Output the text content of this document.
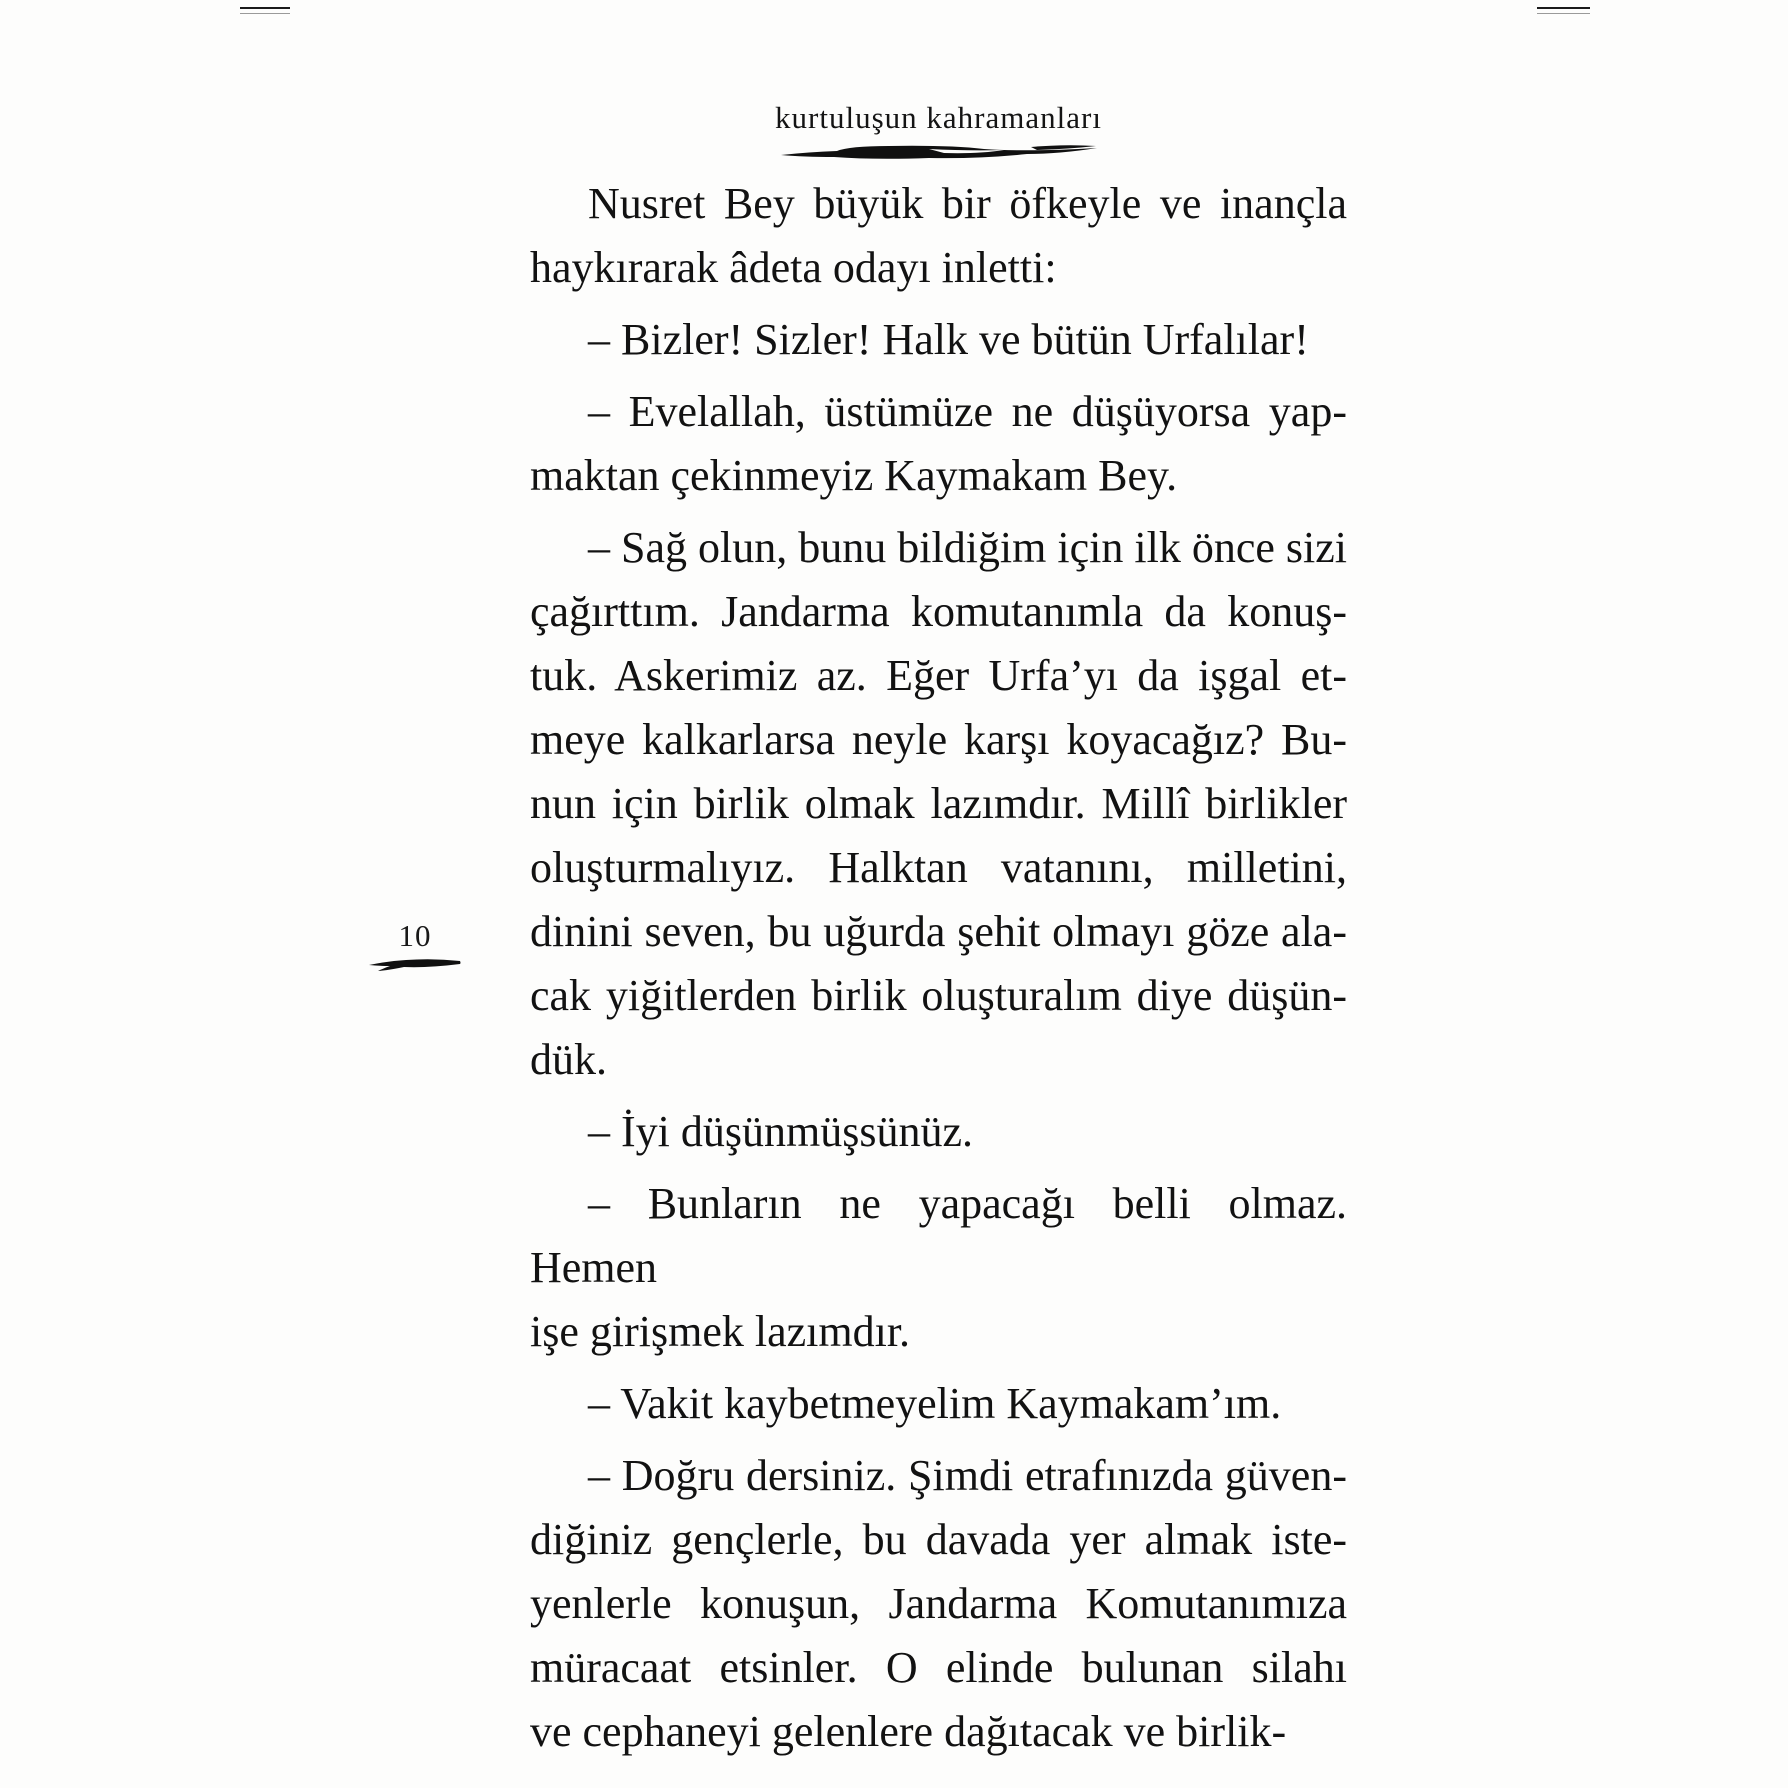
kurtuluşun kahramanları
10
Nusret Bey büyük bir öfkeyle ve inançla
haykırarak âdeta odayı inletti:
– Bizler! Sizler! Halk ve bütün Urfalılar!
– Evelallah, üstümüze ne düşüyorsa yap-
maktan çekinmeyiz Kaymakam Bey.
– Sağ olun, bunu bildiğim için ilk önce sizi
çağırttım. Jandarma komutanımla da konuş-
tuk. Askerimiz az. Eğer Urfa’yı da işgal et-
meye kalkarlarsa neyle karşı koyacağız? Bu-
nun için birlik olmak lazımdır. Millî birlikler
oluşturmalıyız. Halktan vatanını, milletini,
dinini seven, bu uğurda şehit olmayı göze ala-
cak yiğitlerden birlik oluşturalım diye düşün-
dük.
– İyi düşünmüşsünüz.
– Bunların ne yapacağı belli olmaz. Hemen
işe girişmek lazımdır.
– Vakit kaybetmeyelim Kaymakam’ım.
– Doğru dersiniz. Şimdi etrafınızda güven-
diğiniz gençlerle, bu davada yer almak iste-
yenlerle konuşun, Jandarma Komutanımıza
müracaat etsinler. O elinde bulunan silahı
ve cephaneyi gelenlere dağıtacak ve birlik-
